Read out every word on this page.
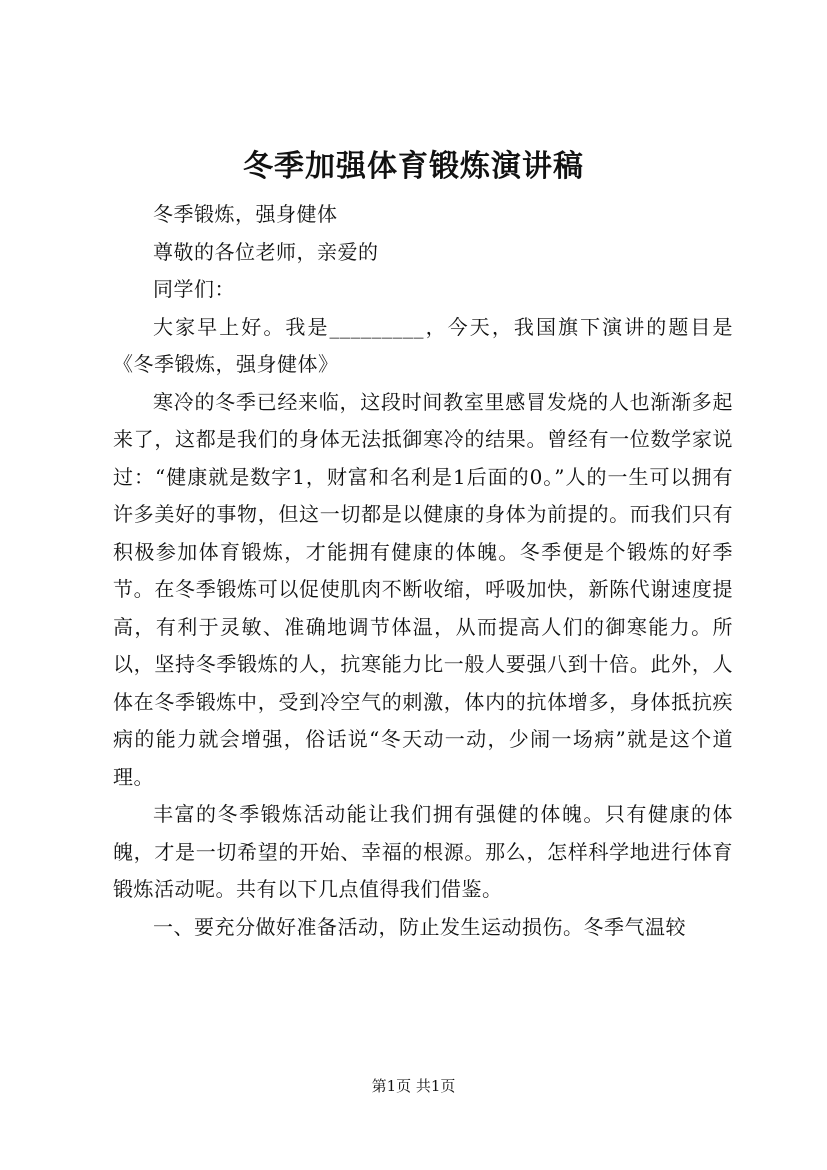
冬季加强体育锻炼演讲稿

冬季锻炼，强身健体

尊敬的各位老师，亲爱的

同学们：

大家早上好。我是_________，今天，我国旗下演讲的题目是《冬季锻炼，强身健体》

寒冷的冬季已经来临，这段时间教室里感冒发烧的人也渐渐多起来了，这都是我们的身体无法抵御寒冷的结果。曾经有一位数学家说过：“健康就是数字1，财富和名利是1后面的0。”人的一生可以拥有许多美好的事物，但这一切都是以健康的身体为前提的。而我们只有积极参加体育锻炼，才能拥有健康的体魄。冬季便是个锻炼的好季节。在冬季锻炼可以促使肌肉不断收缩，呼吸加快，新陈代谢速度提高，有利于灵敏、准确地调节体温，从而提高人们的御寒能力。所以，坚持冬季锻炼的人，抗寒能力比一般人要强八到十倍。此外，人体在冬季锻炼中，受到冷空气的刺激，体内的抗体增多，身体抵抗疾病的能力就会增强，俗话说“冬天动一动，少闹一场病”就是这个道理。

丰富的冬季锻炼活动能让我们拥有强健的体魄。只有健康的体魄，才是一切希望的开始、幸福的根源。那么，怎样科学地进行体育锻炼活动呢。共有以下几点值得我们借鉴。

一、要充分做好准备活动，防止发生运动损伤。冬季气温较

第1页 共1页
